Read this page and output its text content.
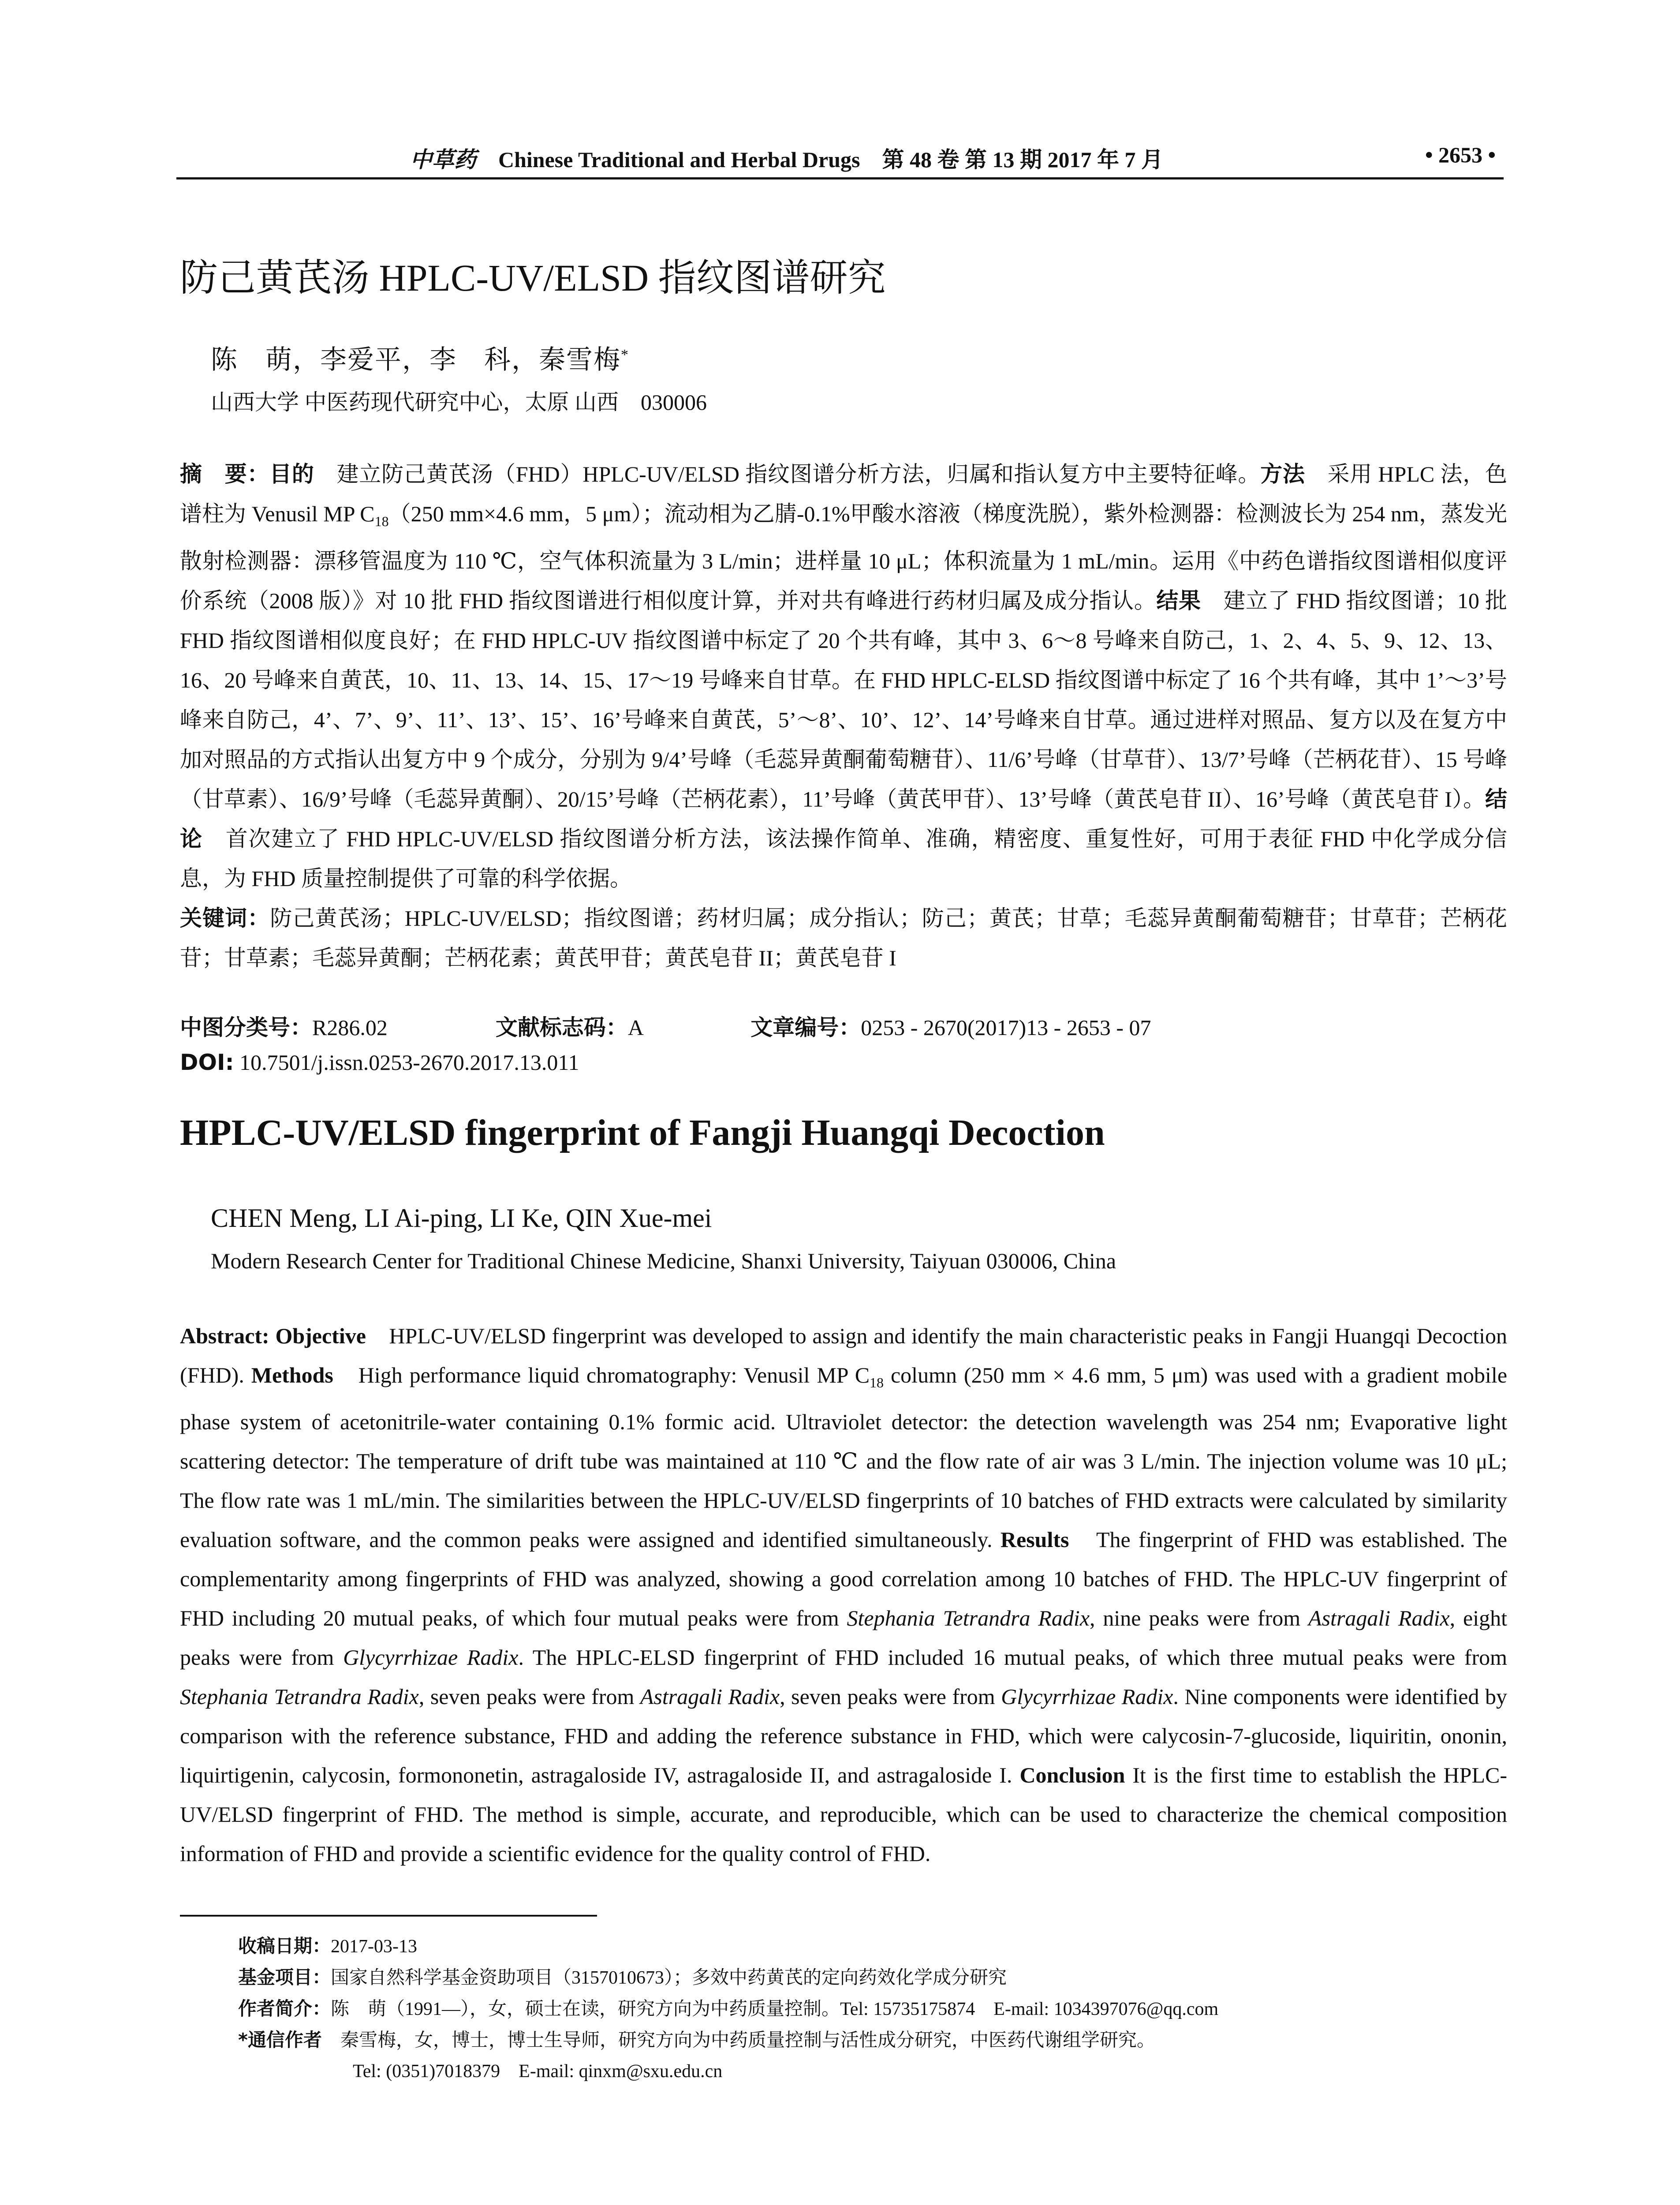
中草药 Chinese Traditional and Herbal Drugs　第 48 卷 第 13 期 2017 年 7 月	• 2653 •
防己黄芪汤 HPLC-UV/ELSD 指纹图谱研究
陈　萌，李爱平，李　科，秦雪梅*
山西大学 中医药现代研究中心，太原 山西　030006
摘　要：目的　 建立防己黄芪汤（FHD）HPLC-UV/ELSD 指纹图谱分析方法，归属和指认复方中主要特征峰。方法　 采用 HPLC 法，色谱柱为 Venusil MP $C_{18}(250$ mm×4.6 mm，5 μm）；流动相为乙腈-0.1%甲酸水溶液（梯度洗脱），紫外检测器：检测波长为 254 nm，蒸发光散射检测器：漂移管温度为 110 ℃，空气体积流量为 3 L/min；进样量 10 μL；体积流量为 1 mL/min。运用《中药色谱指纹图谱相似度评价系统（2008 版）》对 10 批 FHD 指纹图谱进行相似度计算，并对共有峰进行药材归属及成分指认。结果　 建立了 FHD 指纹图谱；10 批 FHD 指纹图谱相似度良好；在 FHD HPLC-UV 指纹图谱中标定了 20 个共有峰，其中 3、6～8 号峰来自防己，1、2、4、5、9、12、13、16、20 号峰来自黄芪，10、11、13、14、15、17～19 号峰来自甘草。在 FHD HPLC-ELSD 指纹图谱中标定了 16 个共有峰，其中 1’～3’号峰来自防己，4’、7’、9’、11’、13’、15’、16’号峰来自黄芪，5’～8’、10’、12’、14’号峰来自甘草。通过进样对照品、复方以及在复方中加对照品的方式指认出复方中 9 个成分，分别为 9/4’号峰（毛蕊异黄酮葡萄糖苷）、11/6’号峰（甘草苷）、13/7’号峰（芒柄花苷）、15 号峰（甘草素）、16/9’号峰（毛蕊异黄酮）、20/15’号峰（芒柄花素），11’号峰（黄芪甲苷）、13’号峰（黄芪皂苷 II）、16’号峰（黄芪皂苷 I）。结论　 首次建立了 FHD HPLC-UV/ELSD 指纹图谱分析方法，该法操作简单、准确，精密度、重复性好，可用于表征 FHD 中化学成分信息，为 FHD 质量控制提供了可靠的科学依据。
关键词：防己黄芪汤；HPLC-UV/ELSD；指纹图谱；药材归属；成分指认；防己；黄芪；甘草；毛蕊异黄酮葡萄糖苷；甘草苷；芒柄花苷；甘草素；毛蕊异黄酮；芒柄花素；黄芪甲苷；黄芪皂苷 II；黄芪皂苷 I
中图分类号：R286.02	文献标志码：A	文章编号：0253 - 2670(2017)13 - 2653 - 07
DOI: 10.7501/j.issn.0253-2670.2017.13.011
HPLC-UV/ELSD fingerprint of Fangji Huangqi Decoction
CHEN Meng, LI Ai-ping, LI Ke, QIN Xue-mei
Modern Research Center for Traditional Chinese Medicine, Shanxi University, Taiyuan 030006, China
Abstract: Objective　 HPLC-UV/ELSD fingerprint was developed to assign and identify the main characteristic peaks in Fangji Huangqi Decoction (FHD). Methods　 High performance liquid chromatography: Venusil MP $C_{18}$ column (250 mm × 4.6 mm, 5 μm) was used with a gradient mobile phase system of acetonitrile-water containing 0.1% formic acid. Ultraviolet detector: the detection wavelength was 254 nm; Evaporative light scattering detector: The temperature of drift tube was maintained at 110 ℃ and the flow rate of air was 3 L/min. The injection volume was 10 μL; The flow rate was 1 mL/min. The similarities between the HPLC-UV/ELSD fingerprints of 10 batches of FHD extracts were calculated by similarity evaluation software, and the common peaks were assigned and identified simultaneously. Results　 The fingerprint of FHD was established. The complementarity among fingerprints of FHD was analyzed, showing a good correlation among 10 batches of FHD. The HPLC-UV fingerprint of FHD including 20 mutual peaks, of which four mutual peaks were from Stephania Tetrandra Radix, nine peaks were from Astragali Radix, eight peaks were from Glycyrrhizae Radix. The HPLC-ELSD fingerprint of FHD included 16 mutual peaks, of which three mutual peaks were from Stephania Tetrandra Radix, seven peaks were from Astragali Radix, seven peaks were from Glycyrrhizae Radix. Nine components were identified by comparison with the reference substance, FHD and adding the reference substance in FHD, which were calycosin-7-glucoside, liquiritin, ononin, liquirtigenin, calycosin, formononetin, astragaloside IV, astragaloside II, and astragaloside I. Conclusion It is the first time to establish the HPLC-UV/ELSD fingerprint of FHD. The method is simple, accurate, and reproducible, which can be used to characterize the chemical composition information of FHD and provide a scientific evidence for the quality control of FHD.
收稿日期：2017-03-13
基金项目：国家自然科学基金资助项目（3157010673）；多效中药黄芪的定向药效化学成分研究
作者简介：陈　萌（1991—），女，硕士在读，研究方向为中药质量控制。Tel: 15735175874　E-mail: 1034397076@qq.com
*通信作者　 秦雪梅，女，博士，博士生导师，研究方向为中药质量控制与活性成分研究，中医药代谢组学研究。
Tel: (0351)7018379　E-mail: qinxm@sxu.edu.cn
